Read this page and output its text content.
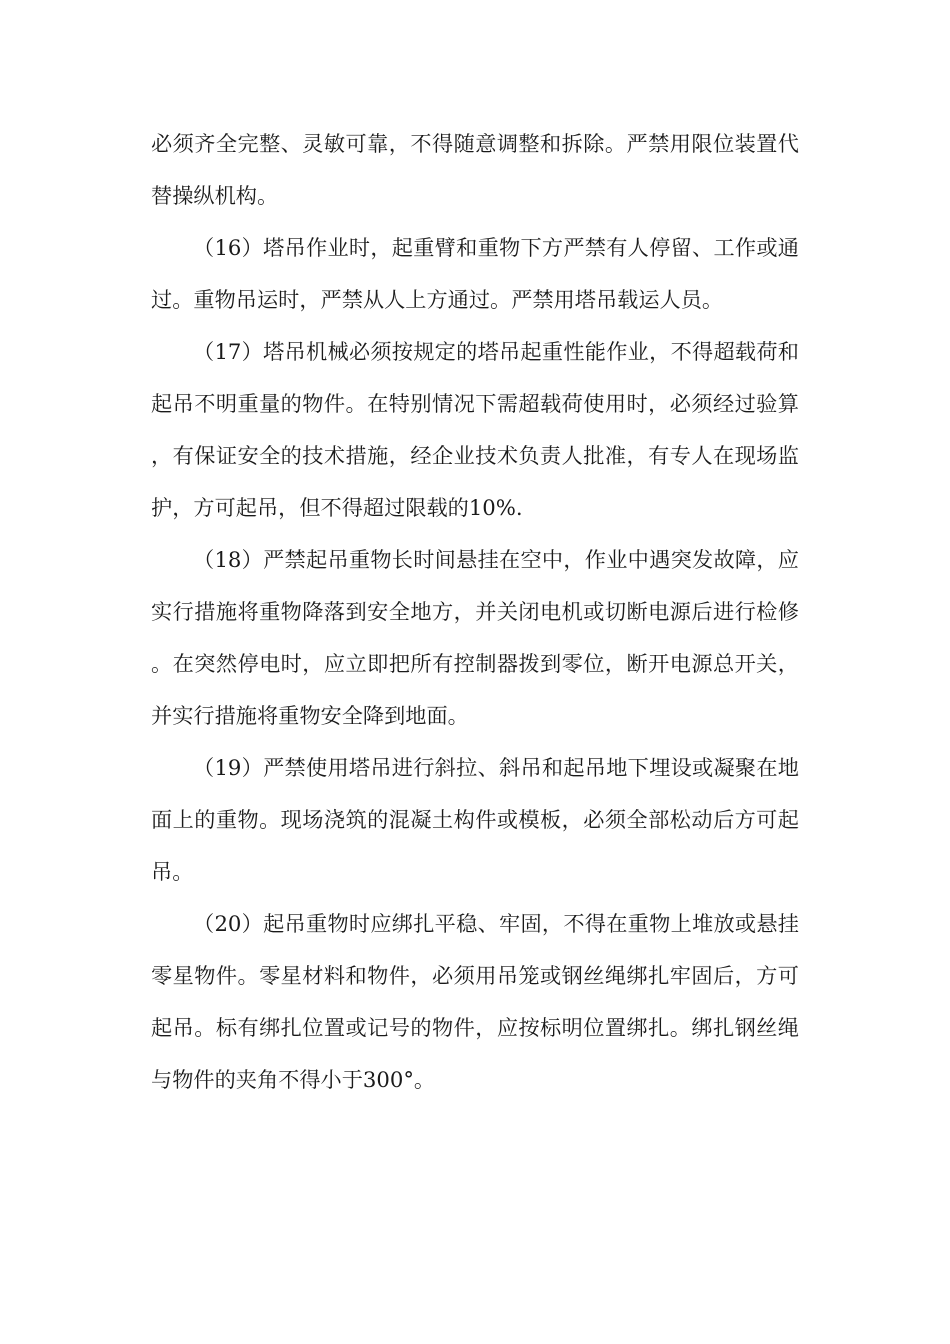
必须齐全完整、灵敏可靠，不得随意调整和拆除。严禁用限位装置代替操纵机构。

（16）塔吊作业时，起重臂和重物下方严禁有人停留、工作或通过。重物吊运时，严禁从人上方通过。严禁用塔吊载运人员。

（17）塔吊机械必须按规定的塔吊起重性能作业，不得超载荷和起吊不明重量的物件。在特别情况下需超载荷使用时，必须经过验算，有保证安全的技术措施，经企业技术负责人批准，有专人在现场监护，方可起吊，但不得超过限载的10%.

（18）严禁起吊重物长时间悬挂在空中，作业中遇突发故障，应实行措施将重物降落到安全地方，并关闭电机或切断电源后进行检修。在突然停电时，应立即把所有控制器拨到零位，断开电源总开关，并实行措施将重物安全降到地面。

（19）严禁使用塔吊进行斜拉、斜吊和起吊地下埋设或凝聚在地面上的重物。现场浇筑的混凝土构件或模板，必须全部松动后方可起吊。

（20）起吊重物时应绑扎平稳、牢固，不得在重物上堆放或悬挂零星物件。零星材料和物件，必须用吊笼或钢丝绳绑扎牢固后，方可起吊。标有绑扎位置或记号的物件，应按标明位置绑扎。绑扎钢丝绳与物件的夹角不得小于300°。
